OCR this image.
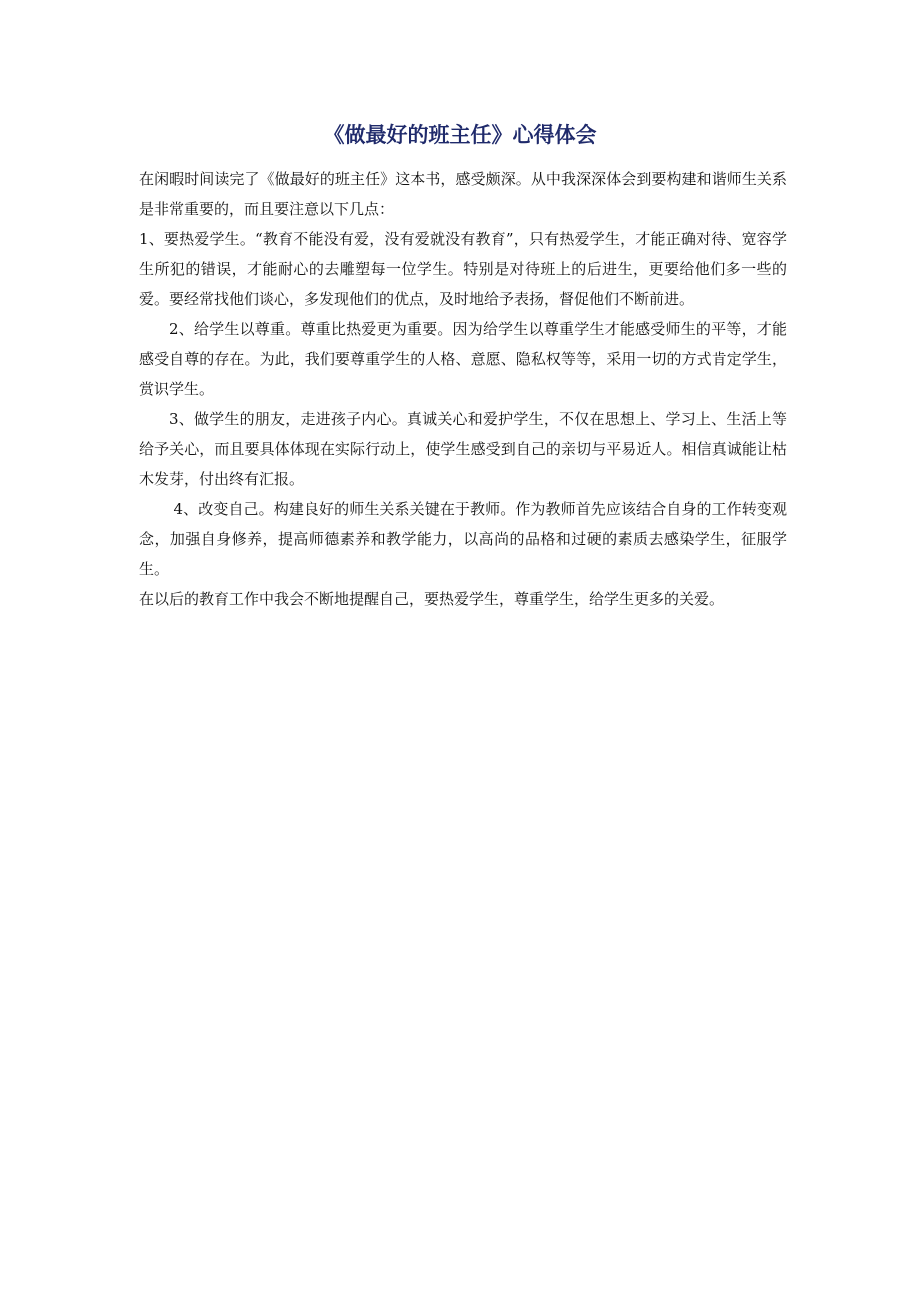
《做最好的班主任》心得体会

在闲暇时间读完了《做最好的班主任》这本书，感受颇深。从中我深深体会到要构建和谐师生关系是非常重要的，而且要注意以下几点：

1、要热爱学生。“教育不能没有爱，没有爱就没有教育”，只有热爱学生，才能正确对待、宽容学生所犯的错误，才能耐心的去雕塑每一位学生。特别是对待班上的后进生，更要给他们多一些的爱。要经常找他们谈心，多发现他们的优点，及时地给予表扬，督促他们不断前进。

2、给学生以尊重。尊重比热爱更为重要。因为给学生以尊重学生才能感受师生的平等，才能感受自尊的存在。为此，我们要尊重学生的人格、意愿、隐私权等等，采用一切的方式肯定学生，赏识学生。

3、做学生的朋友，走进孩子内心。真诚关心和爱护学生，不仅在思想上、学习上、生活上等给予关心，而且要具体体现在实际行动上，使学生感受到自己的亲切与平易近人。相信真诚能让枯木发芽，付出终有汇报。

4、改变自己。构建良好的师生关系关键在于教师。作为教师首先应该结合自身的工作转变观念，加强自身修养，提高师德素养和教学能力，以高尚的品格和过硬的素质去感染学生，征服学生。

在以后的教育工作中我会不断地提醒自己，要热爱学生，尊重学生，给学生更多的关爱。
